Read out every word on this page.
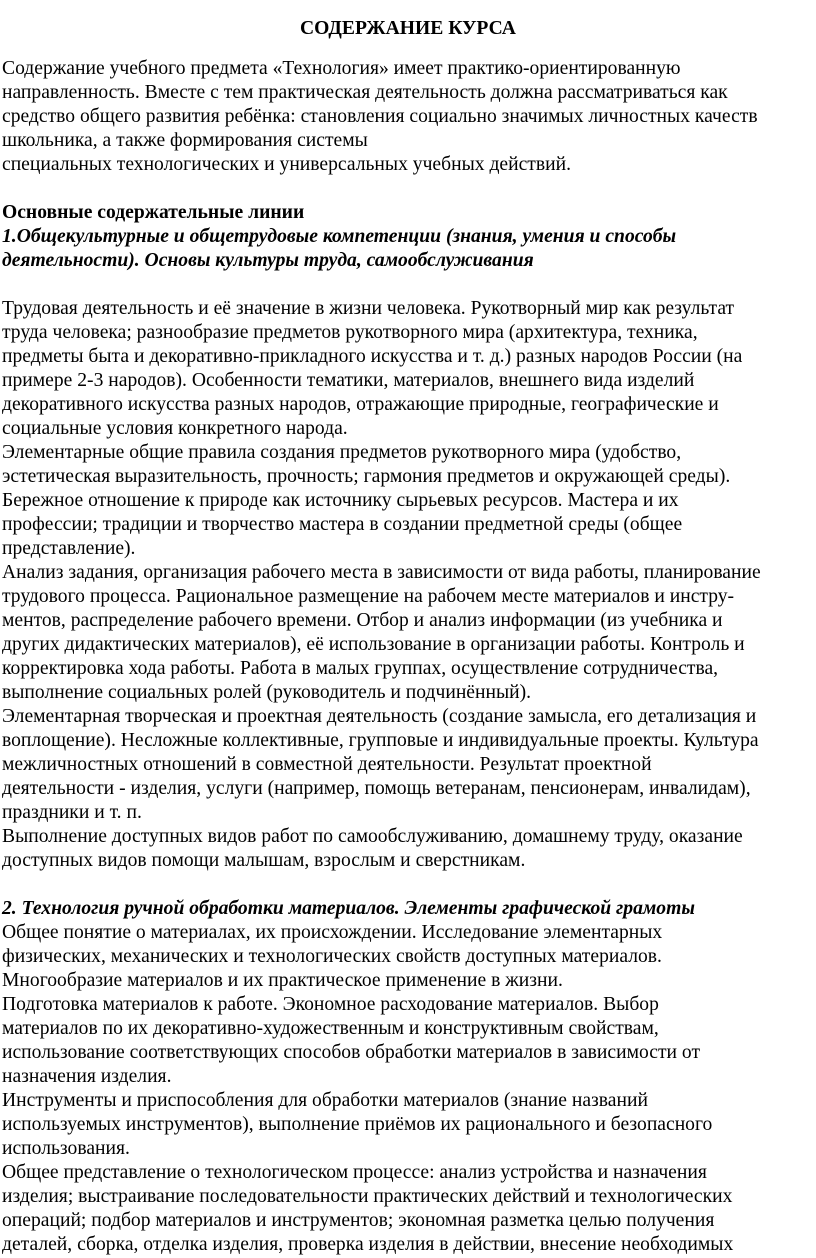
СОДЕРЖАНИЕ КУРСА
Содержание учебного предмета «Технология» имеет практико-ориентированную
направленность. Вместе с тем практическая деятельность должна рассматриваться как
средство общего развития ребёнка: становления социально значимых личностных качеств
школьника, а также формирования системы
специальных технологических и универсальных учебных действий.
Основные содержательные линии
1.Общекультурные и общетрудовые компетенции (знания, умения и способы
деятельности). Основы культуры труда, самообслуживания
Трудовая деятельность и её значение в жизни человека. Рукотворный мир как результат
труда человека; разнообразие предметов рукотворного мира (архитектура, техника,
предметы быта и декоративно-прикладного искусства и т. д.) разных народов России (на
примере 2-3 народов). Особенности тематики, материалов, внешнего вида изделий
декоративного искусства разных народов, отражающие природные, географические и
социальные условия конкретного народа.
Элементарные общие правила создания предметов рукотворного мира (удобство,
эстетическая выразительность, прочность; гармония предметов и окружающей среды).
Бережное отношение к природе как источнику сырьевых ресурсов. Мастера и их
профессии; традиции и творчество мастера в создании предметной среды (общее
представление).
Анализ задания, организация рабочего места в зависимости от вида работы, планирование
трудового процесса. Рациональное размещение на рабочем месте материалов и инстру-
ментов, распределение рабочего времени. Отбор и анализ информации (из учебника и
других дидактических материалов), её использование в организации работы. Контроль и
корректировка хода работы. Работа в малых группах, осуществление сотрудничества,
выполнение социальных ролей (руководитель и подчинённый).
Элементарная творческая и проектная деятельность (создание замысла, его детализация и
воплощение). Несложные коллективные, групповые и индивидуальные проекты. Культура
межличностных отношений в совместной деятельности. Результат проектной
деятельности - изделия, услуги (например, помощь ветеранам, пенсионерам, инвалидам),
праздники и т. п.
Выполнение доступных видов работ по самообслуживанию, домашнему труду, оказание
доступных видов помощи малышам, взрослым и сверстникам.
2. Технология ручной обработки материалов. Элементы графической грамоты
Общее понятие о материалах, их происхождении. Исследование элементарных
физических, механических и технологических свойств доступных материалов.
Многообразие материалов и их практическое применение в жизни.
Подготовка материалов к работе. Экономное расходование материалов. Выбор
материалов по их декоративно-художественным и конструктивным свойствам,
использование соответствующих способов обработки материалов в зависимости от
назначения изделия.
Инструменты и приспособления для обработки материалов (знание названий
используемых инструментов), выполнение приёмов их рационального и безопасного
использования.
Общее представление о технологическом процессе: анализ устройства и назначения
изделия; выстраивание последовательности практических действий и технологических
операций; подбор материалов и инструментов; экономная разметка целью получения
деталей, сборка, отделка изделия, проверка изделия в действии, внесение необходимых
